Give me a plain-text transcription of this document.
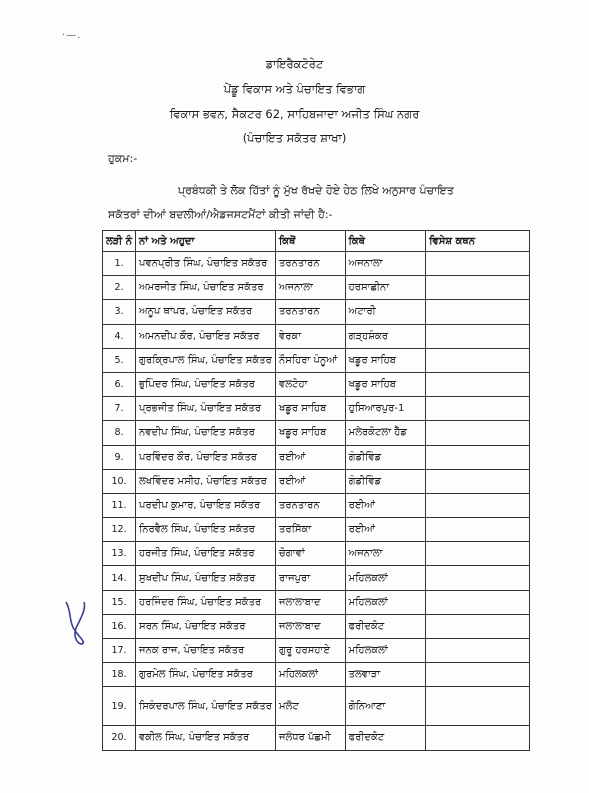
·—.
ਡਾਇਰੈਕਟੋਰੇਟ
ਪੇਂਡੂ ਵਿਕਾਸ ਅਤੇ ਪੰਚਾਇਤ ਵਿਭਾਗ
ਵਿਕਾਸ ਭਵਨ, ਸੈਕਟਰ 62, ਸਾਹਿਬਜਾਦਾ ਅਜੀਤ ਸਿੰਘ ਨਗਰ
(ਪੰਚਾਇਤ ਸਕੱਤਰ ਸ਼ਾਖਾ)
ਹੁਕਮ:-
ਪ੍ਰਬੰਧਕੀ ਤੇ ਲੋਕ ਹਿੱਤਾਂ ਨੂੰ ਮੁੱਖ ਰੱਖਦੇ ਹੋਏ ਹੇਠ ਲਿਖੇ ਅਨੁਸਾਰ ਪੰਚਾਇਤ
ਸਕੱਤਰਾਂ ਦੀਆਂ ਬਦਲੀਆਂ/ਐਡਜਸਟਮੈਂਟਾਂ ਕੀਤੀ ਜਾਂਦੀ ਹੈ:-
ਲੜੀ ਨੰ	ਨਾਂ ਅਤੇ ਅਹੁਦਾ	ਕਿਥੋਂ	ਕਿਥੇ	ਵਿਸੇਸ਼ ਕਥਨ
1.	ਪਵਨਪ੍ਰੀਤ ਸਿੰਘ, ਪੰਚਾਇਤ ਸਕੱਤਰ	ਤਰਨਤਾਰਨ	ਅਜਨਾਲਾ	
2.	ਅਮਰਜੀਤ ਸਿੰਘ, ਪੰਚਾਇਤ ਸਕੱਤਰ	ਅਜਨਾਲਾ	ਹਰਸਾਛੀਨਾ	
3.	ਅਨੂਪ ਥਾਪਰ, ਪੰਚਾਇਤ ਸਕੱਤਰ	ਤਰਨਤਾਰਨ	ਅਟਾਰੀ	
4.	ਅਮਨਦੀਪ ਕੌਰ, ਪੰਚਾਇਤ ਸਕੱਤਰ	ਵੇਰਕਾ	ਗੜ੍ਹਸ਼ੰਕਰ	
5.	ਗੁਰਕ੍ਰਿਪਾਲ ਸਿੰਘ, ਪੰਚਾਇਤ ਸਕੱਤਰ	ਨੌਸਹਿਰਾ ਪੰਨੂਆਂ	ਖਡੂਰ ਸਾਹਿਬ	
6.	ਭੁਪਿੰਦਰ ਸਿੰਘ, ਪੰਚਾਇਤ ਸਕੱਤਰ	ਵਲਟੋਹਾ	ਖਡੂਰ ਸਾਹਿਬ	
7.	ਪ੍ਰਭਜੀਤ ਸਿੰਘ, ਪੰਚਾਇਤ ਸਕੱਤਰ	ਖਡੂਰ ਸਾਹਿਬ	ਹੁਸਿਆਰਪੁਰ-1	
8.	ਨਵਦੀਪ ਸਿੰਘ, ਪੰਚਾਇਤ ਸਕੱਤਰ	ਖਡੂਰ ਸਾਹਿਬ	ਮਲੇਰਕੋਟਲਾ ਹੈੱਡ	
9.	ਪਰਵਿੰਦਰ ਕੌਰ, ਪੰਚਾਇਤ ਸਕੱਤਰ	ਰਈਆਂ	ਗੰਡੀਵਿੰਡ	
10.	ਲਖਵਿੰਦਰ ਮਸੀਹ, ਪੰਚਾਇਤ ਸਕੱਤਰ	ਰਈਆਂ	ਗੰਡੀਵਿੰਡ	
11.	ਪਰਦੀਪ ਕੁਮਾਰ, ਪੰਚਾਇਤ ਸਕੱਤਰ	ਤਰਨਤਾਰਨ	ਰਈਆਂ	
12.	ਨਿਰਵੈਲ ਸਿੰਘ, ਪੰਚਾਇਤ ਸਕੱਤਰ	ਤਰਸਿੱਕਾ	ਰਈਆਂ	
13.	ਹਰਜੀਤ ਸਿੰਘ, ਪੰਚਾਇਤ ਸਕੱਤਰ	ਚੋਗਾਵਾਂ	ਅਜਨਾਲਾ	
14.	ਸੁਖਦੀਪ ਸਿੰਘ, ਪੰਚਾਇਤ ਸਕੱਤਰ	ਰਾਜਪੁਰਾ	ਮਹਿਲਕਲਾਂ	
15.	ਹਰਜਿੰਦਰ ਸਿੰਘ, ਪੰਚਾਇਤ ਸਕੱਤਰ	ਜਲਾਲਾਬਾਦ	ਮਹਿਲਕਲਾਂ	
16.	ਸਰਨ ਸਿੰਘ, ਪੰਚਾਇਤ ਸਕੱਤਰ	ਜਲਾਲਾਬਾਦ	ਫਰੀਦਕੋਟ	
17.	ਜਨਕ ਰਾਜ, ਪੰਚਾਇਤ ਸਕੱਤਰ	ਗੁਰੂ ਹਰਸਹਾਏ	ਮਹਿਲਕਲਾਂ	
18.	ਗੁਰਮੇਲ ਸਿੰਘ, ਪੰਚਾਇਤ ਸਕੱਤਰ	ਮਹਿਲਕਲਾਂ	ਤਲਵਾੜਾ	
19.	ਸਿਕੰਦਰਪਾਲ ਸਿੰਘ, ਪੰਚਾਇਤ ਸਕੱਤਰ	ਮਲੋਟ	ਗੋਨਿਆਣਾ	
20.	ਵਕੀਲ ਸਿੰਘ, ਪੰਚਾਇਤ ਸਕੱਤਰ	ਜਲੰਧਰ ਪੱਛਮੀ	ਫਰੀਦਕੋਟ	
